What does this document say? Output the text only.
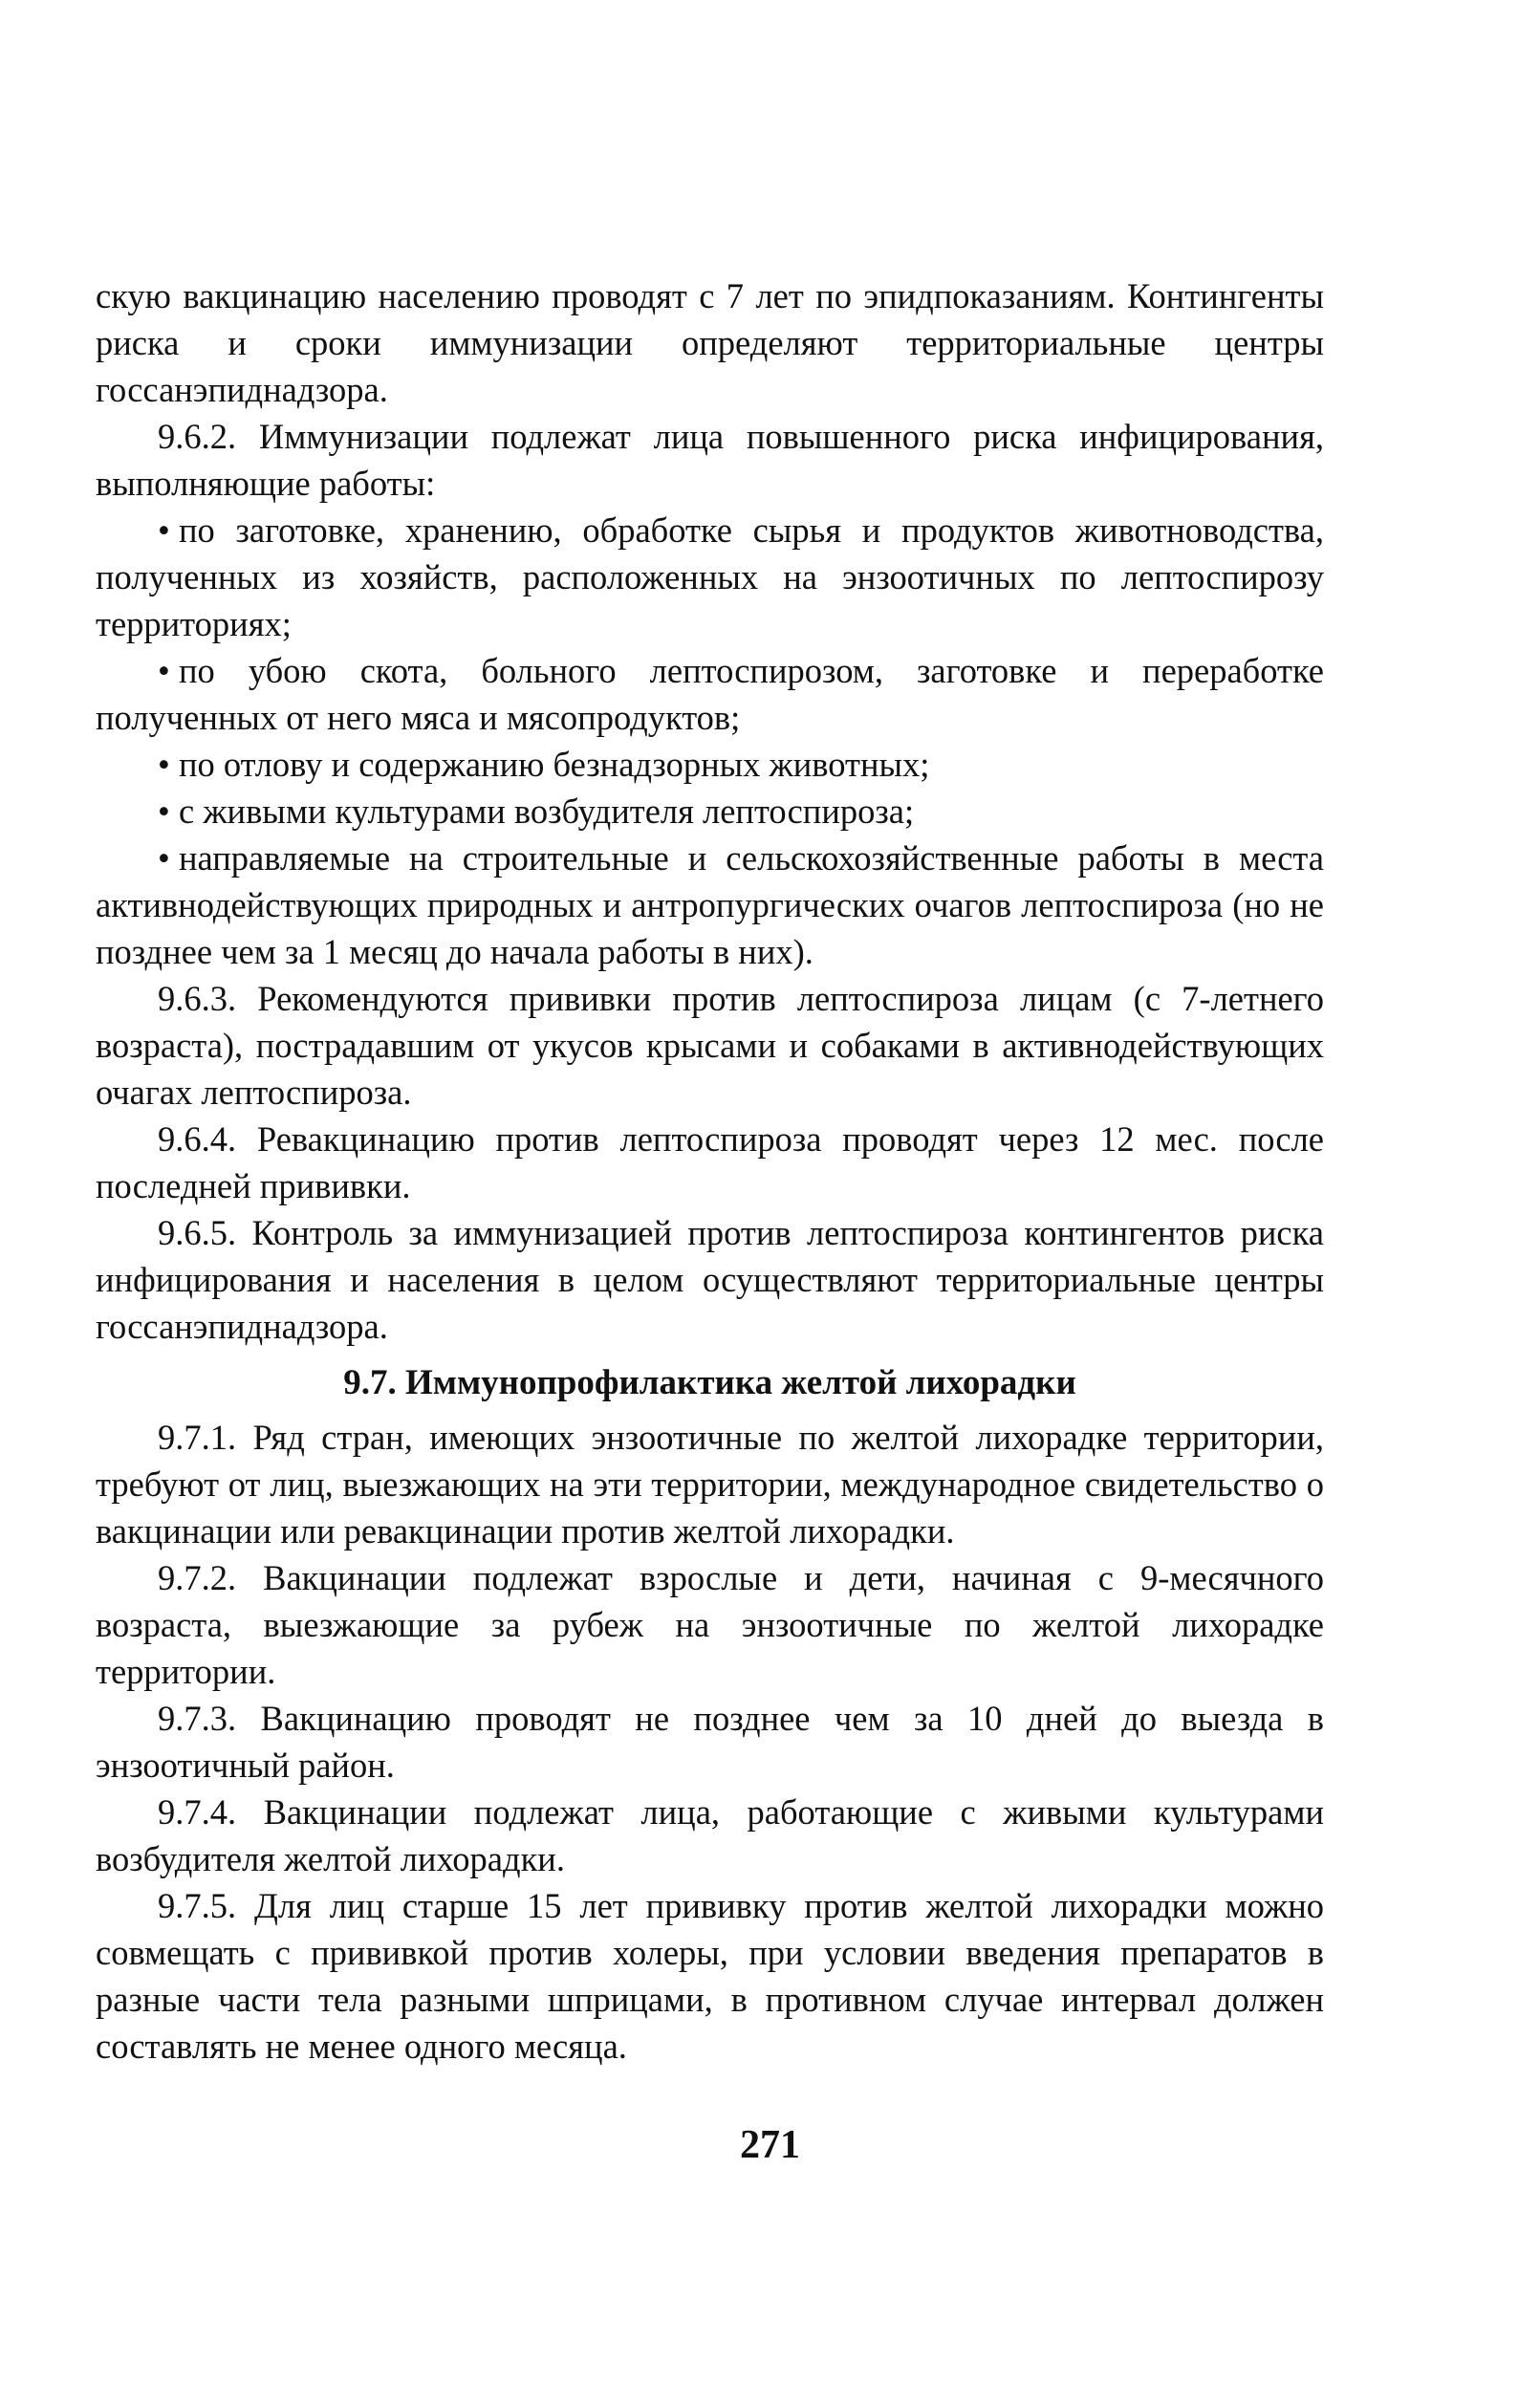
скую вакцинацию населению проводят с 7 лет по эпидпоказаниям. Контингенты риска и сроки иммунизации определяют территориальные центры госсанэпиднадзора.

9.6.2. Иммунизации подлежат лица повышенного риска инфицирования, выполняющие работы:

• по заготовке, хранению, обработке сырья и продуктов животноводства, полученных из хозяйств, расположенных на энзоотичных по лептоспирозу территориях;

• по убою скота, больного лептоспирозом, заготовке и переработке полученных от него мяса и мясопродуктов;

• по отлову и содержанию безнадзорных животных;

• с живыми культурами возбудителя лептоспироза;

• направляемые на строительные и сельскохозяйственные работы в места активнодействующих природных и антропургических очагов лептоспироза (но не позднее чем за 1 месяц до начала работы в них).

9.6.3. Рекомендуются прививки против лептоспироза лицам (с 7-летнего возраста), пострадавшим от укусов крысами и собаками в активнодействующих очагах лептоспироза.

9.6.4. Ревакцинацию против лептоспироза проводят через 12 мес. после последней прививки.

9.6.5. Контроль за иммунизацией против лептоспироза контингентов риска инфицирования и населения в целом осуществляют территориальные центры госсанэпиднадзора.

9.7. Иммунопрофилактика желтой лихорадки

9.7.1. Ряд стран, имеющих энзоотичные по желтой лихорадке территории, требуют от лиц, выезжающих на эти территории, международное свидетельство о вакцинации или ревакцинации против желтой лихорадки.

9.7.2. Вакцинации подлежат взрослые и дети, начиная с 9-месячного возраста, выезжающие за рубеж на энзоотичные по желтой лихорадке территории.

9.7.3. Вакцинацию проводят не позднее чем за 10 дней до выезда в энзоотичный район.

9.7.4. Вакцинации подлежат лица, работающие с живыми культурами возбудителя желтой лихорадки.

9.7.5. Для лиц старше 15 лет прививку против желтой лихорадки можно совмещать с прививкой против холеры, при условии введения препаратов в разные части тела разными шприцами, в противном случае интервал должен составлять не менее одного месяца.

271
